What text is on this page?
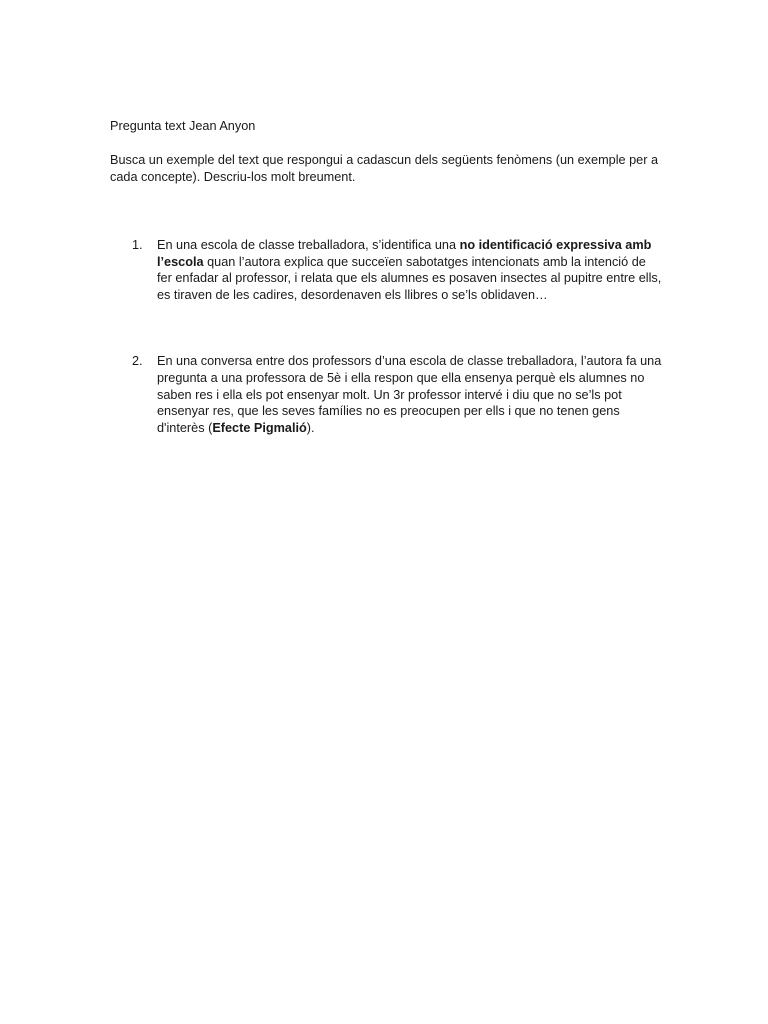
Pregunta text Jean Anyon

Busca un exemple del text que respongui a cadascun dels següents fenòmens (un exemple per a cada concepte). Descriu-los molt breument.

1. En una escola de classe treballadora, s’identifica una no identificació expressiva amb l’escola quan l’autora explica que succeïen sabotatges intencionats amb la intenció de fer enfadar al professor, i relata que els alumnes es posaven insectes al pupitre entre ells, es tiraven de les cadires, desordenaven els llibres o se’ls oblidaven…
2. En una conversa entre dos professors d’una escola de classe treballadora, l’autora fa una pregunta a una professora de 5è i ella respon que ella ensenya perquè els alumnes no saben res i ella els pot ensenyar molt. Un 3r professor intervé i diu que no se’ls pot ensenyar res, que les seves famílies no es preocupen per ells i que no tenen gens d'interès (Efecte Pigmalió).
